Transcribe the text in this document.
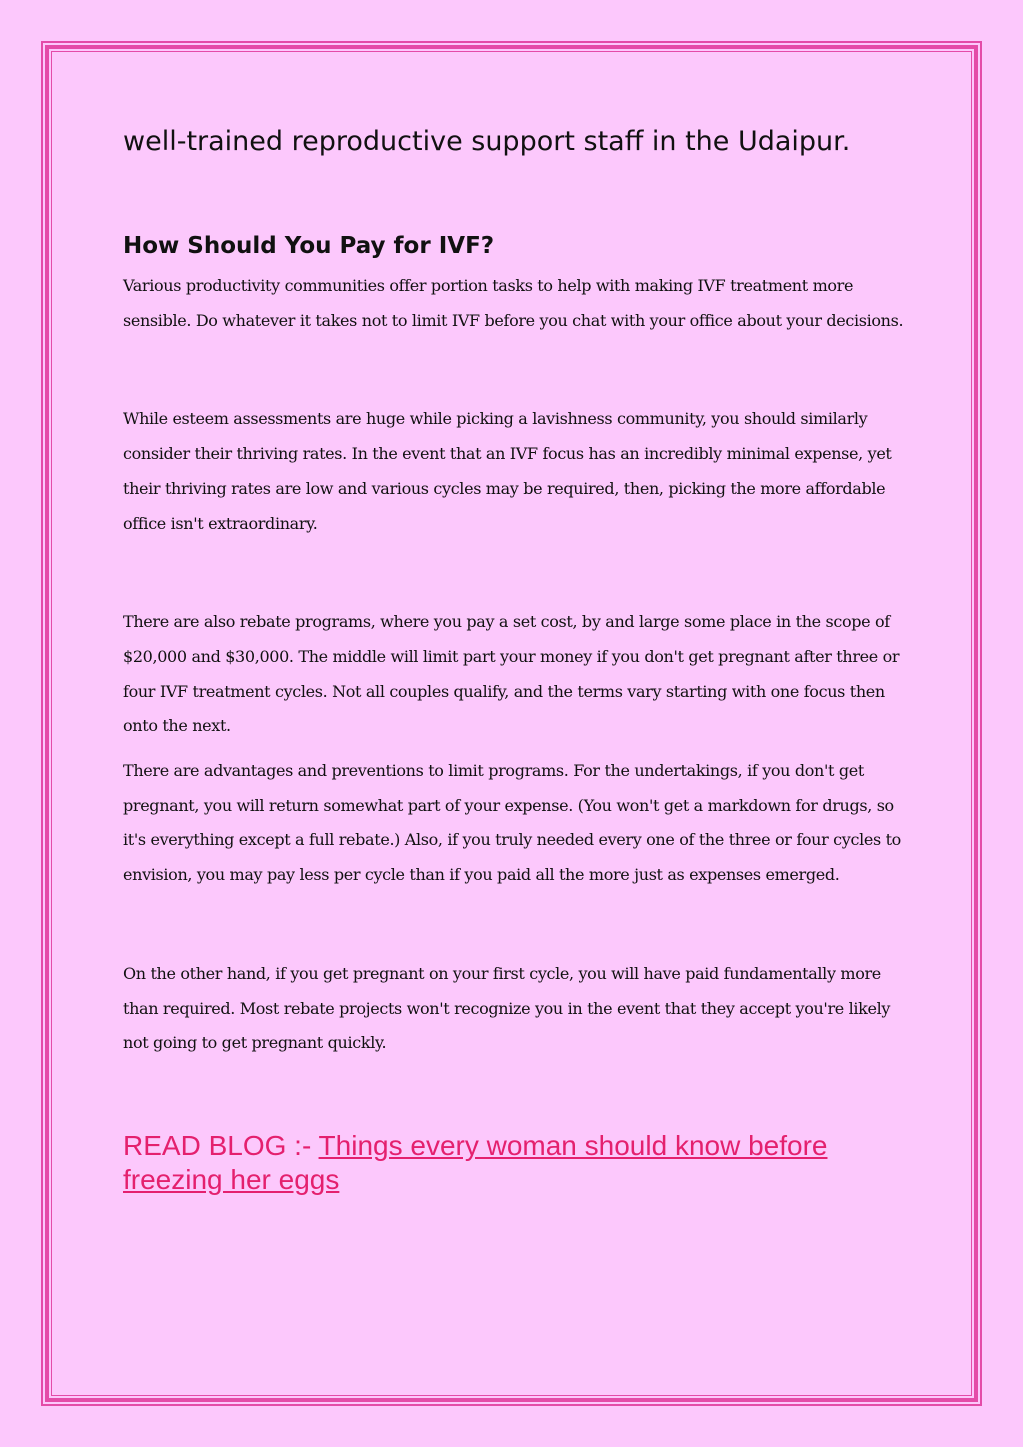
well-trained reproductive support staff in the Udaipur.

How Should You Pay for IVF?

Various productivity communities offer portion tasks to help with making IVF treatment more sensible. Do whatever it takes not to limit IVF before you chat with your office about your decisions.

While esteem assessments are huge while picking a lavishness community, you should similarly consider their thriving rates. In the event that an IVF focus has an incredibly minimal expense, yet their thriving rates are low and various cycles may be required, then, picking the more affordable office isn't extraordinary.

There are also rebate programs, where you pay a set cost, by and large some place in the scope of $20,000 and $30,000. The middle will limit part your money if you don't get pregnant after three or four IVF treatment cycles. Not all couples qualify, and the terms vary starting with one focus then onto the next.

There are advantages and preventions to limit programs. For the undertakings, if you don't get pregnant, you will return somewhat part of your expense. (You won't get a markdown for drugs, so it's everything except a full rebate.) Also, if you truly needed every one of the three or four cycles to envision, you may pay less per cycle than if you paid all the more just as expenses emerged.

On the other hand, if you get pregnant on your first cycle, you will have paid fundamentally more than required. Most rebate projects won't recognize you in the event that they accept you're likely not going to get pregnant quickly.

READ BLOG :- Things every woman should know before freezing her eggs
